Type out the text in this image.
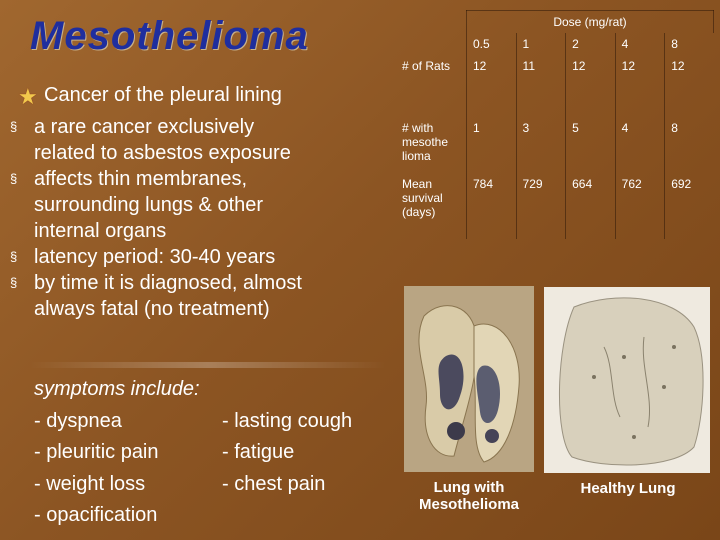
Mesothelioma
★ Cancer of the pleural lining
§ a rare cancer exclusively
related to asbestos exposure
§ affects thin membranes,
surrounding lungs & other
internal organs
§ latency period: 30-40 years
§ by time it is diagnosed, almost
always fatal (no treatment)
symptoms include:
- dyspnea	- lasting cough
- pleuritic pain	- fatigue
- weight loss	- chest pain
- opacification
	Dose (mg/rat)				
	0.5	1	2	4	8
# of Rats	12	11	12	12	12
# with mesothe lioma	1	3	5	4	8
Mean survival (days)	784	729	664	762	692
Lung with
Mesothelioma
Healthy Lung
